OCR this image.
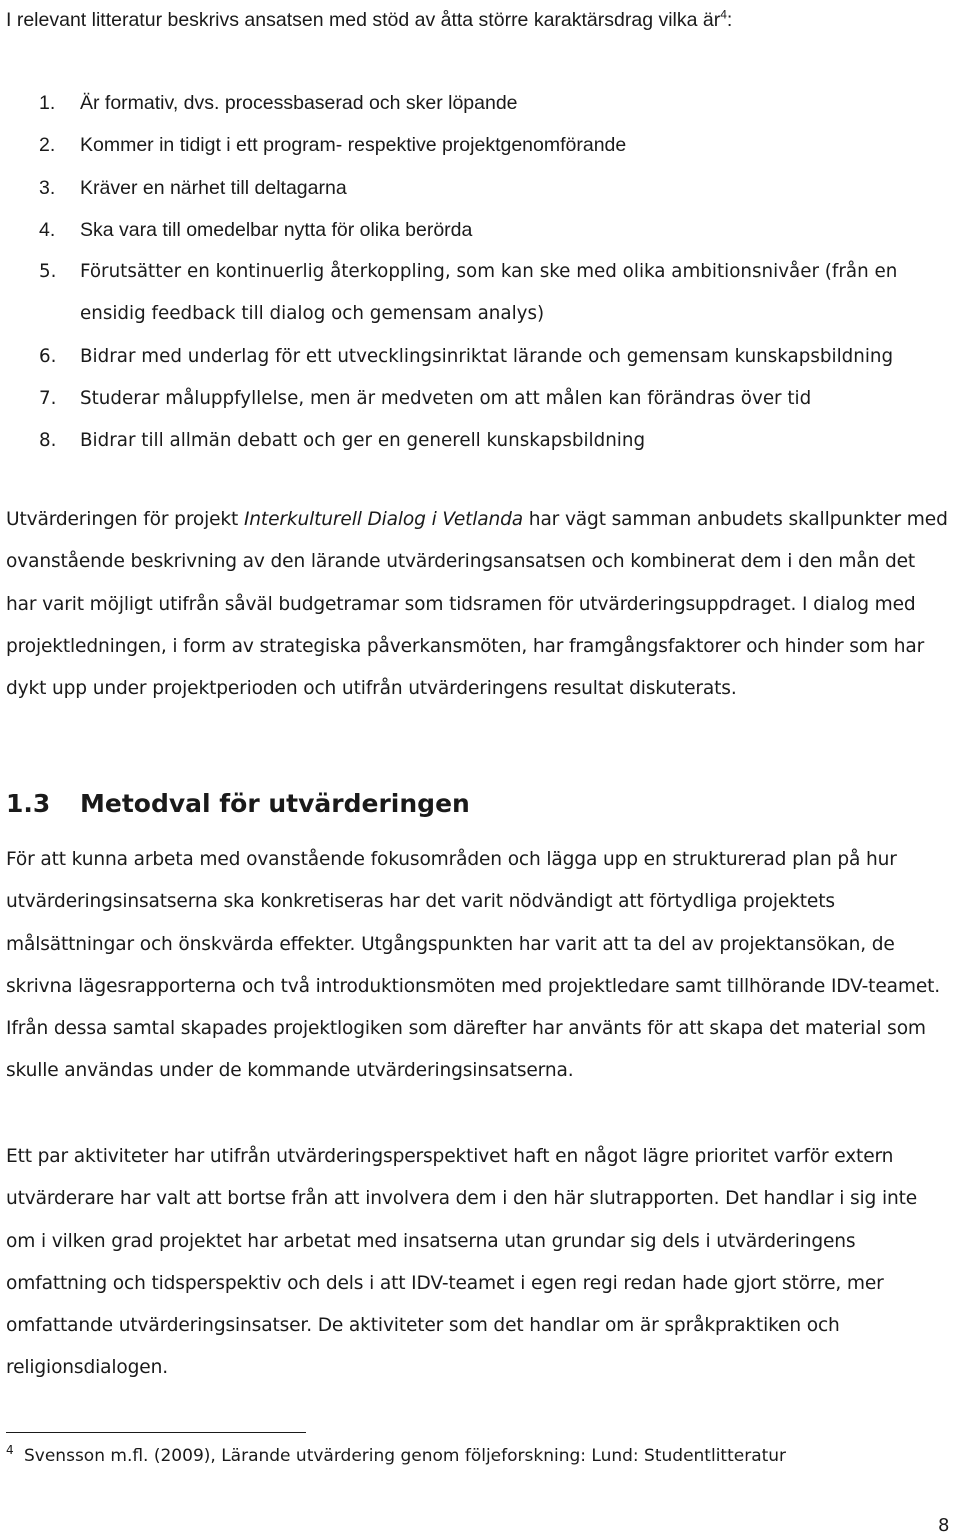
I relevant litteratur beskrivs ansatsen med stöd av åtta större karaktärsdrag vilka $är^4$:
1. Är formativ, dvs. processbaserad och sker löpande
2. Kommer in tidigt i ett program- respektive projektgenomförande
3. Kräver en närhet till deltagarna
4. Ska vara till omedelbar nytta för olika berörda
5. Förutsätter en kontinuerlig återkoppling, som kan ske med olika ambitionsnivåer (från en ensidig feedback till dialog och gemensam analys)
6. Bidrar med underlag för ett utvecklingsinriktat lärande och gemensam kunskapsbildning
7. Studerar måluppfyllelse, men är medveten om att målen kan förändras över tid
8. Bidrar till allmän debatt och ger en generell kunskapsbildning

Utvärderingen för projekt Interkulturell Dialog i Vetlanda har vägt samman anbudets skallpunkter med ovanstående beskrivning av den lärande utvärderingsansatsen och kombinerat dem i den mån det har varit möjligt utifrån såväl budgetramar som tidsramen för utvärderingsuppdraget. I dialog med projektledningen, i form av strategiska påverkansmöten, har framgångsfaktorer och hinder som har dykt upp under projektperioden och utifrån utvärderingens resultat diskuterats.

1.3 Metodval för utvärderingen

För att kunna arbeta med ovanstående fokusområden och lägga upp en strukturerad plan på hur utvärderingsinsatserna ska konkretiseras har det varit nödvändigt att förtydliga projektets målsättningar och önskvärda effekter. Utgångspunkten har varit att ta del av projektansökan, de skrivna lägesrapporterna och två introduktionsmöten med projektledare samt tillhörande IDV-teamet. Ifrån dessa samtal skapades projektlogiken som därefter har använts för att skapa det material som skulle användas under de kommande utvärderingsinsatserna.

Ett par aktiviteter har utifrån utvärderingsperspektivet haft en något lägre prioritet varför extern utvärderare har valt att bortse från att involvera dem i den här slutrapporten. Det handlar i sig inte om i vilken grad projektet har arbetat med insatserna utan grundar sig dels i utvärderingens omfattning och tidsperspektiv och dels i att IDV-teamet i egen regi redan hade gjort större, mer omfattande utvärderingsinsatser. De aktiviteter som det handlar om är språkpraktiken och religionsdialogen.

4 Svensson m.fl. (2009), Lärande utvärdering genom följeforskning: Lund: Studentlitteratur
8
